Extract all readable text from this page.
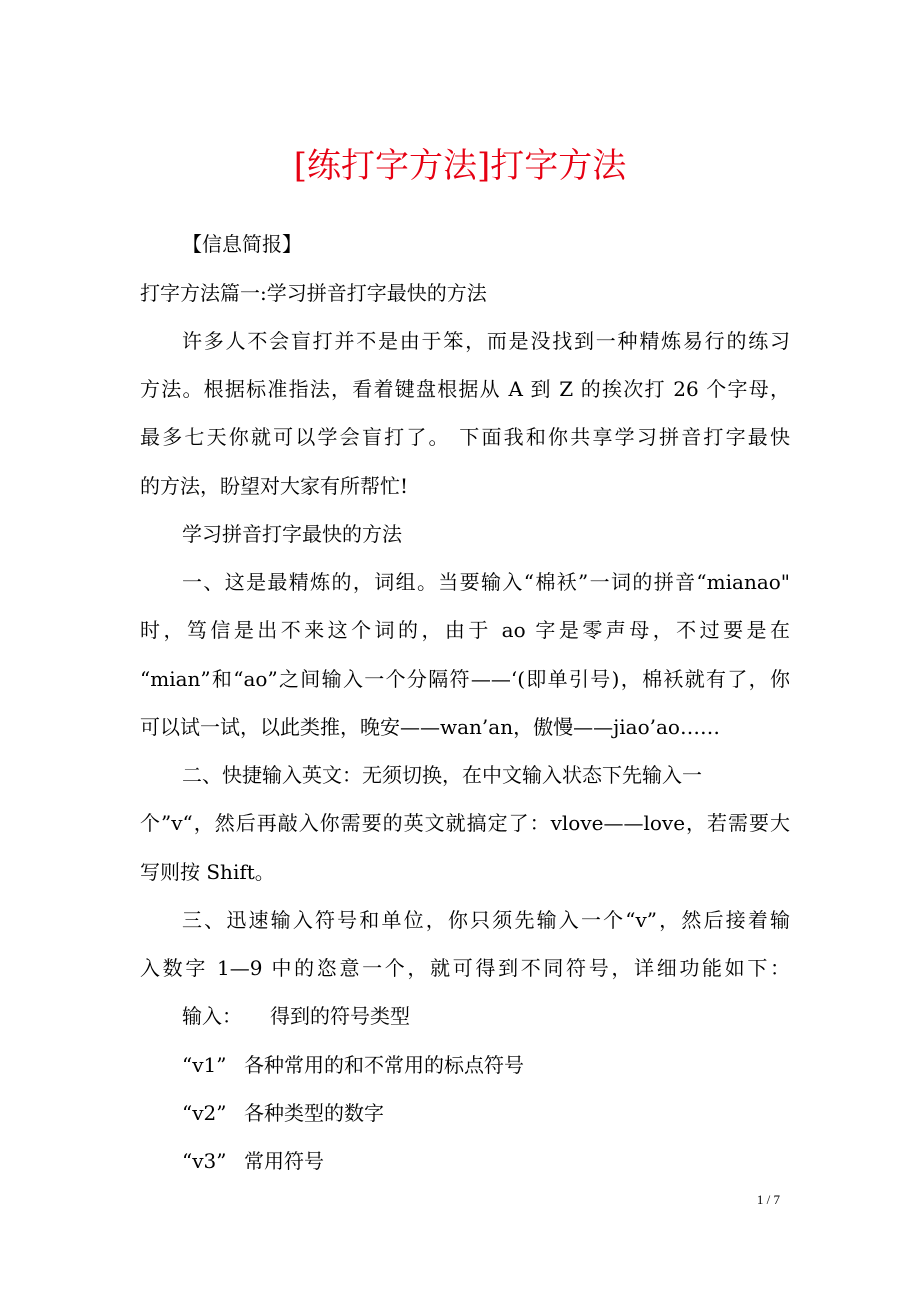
[练打字方法]打字方法

【信息简报】

打字方法篇一:学习拼音打字最快的方法

许多人不会盲打并不是由于笨，而是没找到一种精炼易行的练习

方法。根据标准指法，看着键盘根据从 A 到 Z 的挨次打 26 个字母，

最多七天你就可以学会盲打了。 下面我和你共享学习拼音打字最快

的方法，盼望对大家有所帮忙!

学习拼音打字最快的方法

一、这是最精炼的，词组。当要输入“棉袄”一词的拼音“mianao"

时，笃信是出不来这个词的，由于 ao 字是零声母，不过要是在

“mian”和“ao”之间输入一个分隔符——‘(即单引号)，棉袄就有了，你

可以试一试，以此类推，晚安——wan’an，傲慢——jiao’ao……

二、快捷输入英文：无须切换，在中文输入状态下先输入一

个”v“，然后再敲入你需要的英文就搞定了：vlove——love，若需要大

写则按 Shift。

三、迅速输入符号和单位，你只须先输入一个“v”，然后接着输

入数字 1—9 中的恣意一个，就可得到不同符号，详细功能如下：

输入： 得到的符号类型
“v1” 各种常用的和不常用的标点符号
“v2” 各种类型的数字
“v3” 常用符号
1 / 7
